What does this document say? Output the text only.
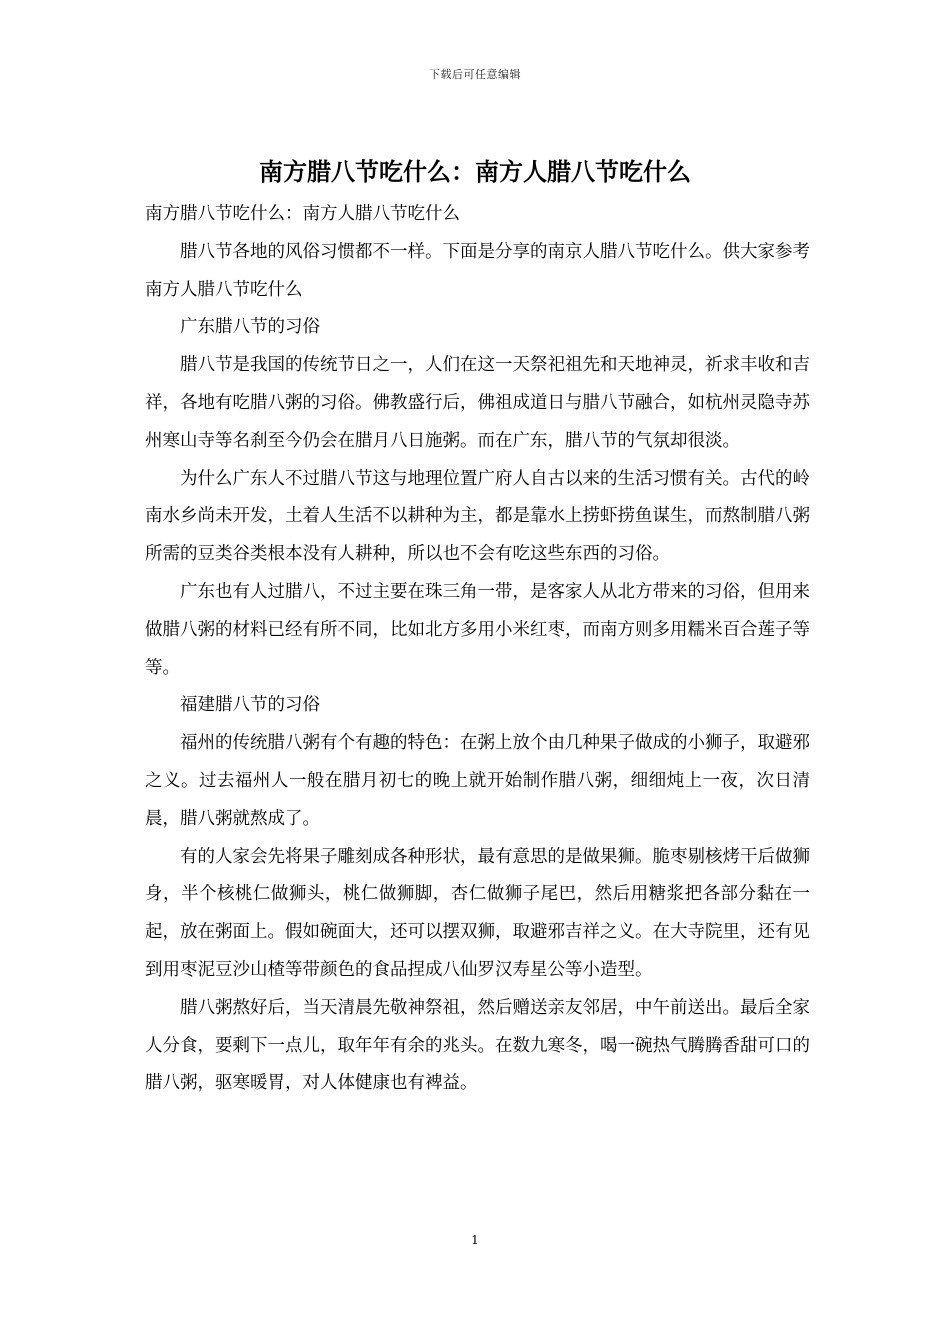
下载后可任意编辑
南方腊八节吃什么：南方人腊八节吃什么

南方腊八节吃什么：南方人腊八节吃什么

腊八节各地的风俗习惯都不一样。下面是分享的南京人腊八节吃什么。供大家参考南方人腊八节吃什么

广东腊八节的习俗

腊八节是我国的传统节日之一，人们在这一天祭祀祖先和天地神灵，祈求丰收和吉祥，各地有吃腊八粥的习俗。佛教盛行后，佛祖成道日与腊八节融合，如杭州灵隐寺苏州寒山寺等名刹至今仍会在腊月八日施粥。而在广东，腊八节的气氛却很淡。

为什么广东人不过腊八节这与地理位置广府人自古以来的生活习惯有关。古代的岭南水乡尚未开发，土着人生活不以耕种为主，都是靠水上捞虾捞鱼谋生，而熬制腊八粥所需的豆类谷类根本没有人耕种，所以也不会有吃这些东西的习俗。

广东也有人过腊八，不过主要在珠三角一带，是客家人从北方带来的习俗，但用来做腊八粥的材料已经有所不同，比如北方多用小米红枣，而南方则多用糯米百合莲子等等。

福建腊八节的习俗

福州的传统腊八粥有个有趣的特色：在粥上放个由几种果子做成的小狮子，取避邪之义。过去福州人一般在腊月初七的晚上就开始制作腊八粥，细细炖上一夜，次日清晨，腊八粥就熬成了。

有的人家会先将果子雕刻成各种形状，最有意思的是做果狮。脆枣剔核烤干后做狮身，半个核桃仁做狮头，桃仁做狮脚，杏仁做狮子尾巴，然后用糖浆把各部分黏在一起，放在粥面上。假如碗面大，还可以摆双狮，取避邪吉祥之义。在大寺院里，还有见到用枣泥豆沙山楂等带颜色的食品捏成八仙罗汉寿星公等小造型。

腊八粥熬好后，当天清晨先敬神祭祖，然后赠送亲友邻居，中午前送出。最后全家人分食，要剩下一点儿，取年年有余的兆头。在数九寒冬，喝一碗热气腾腾香甜可口的腊八粥，驱寒暖胃，对人体健康也有裨益。

1
